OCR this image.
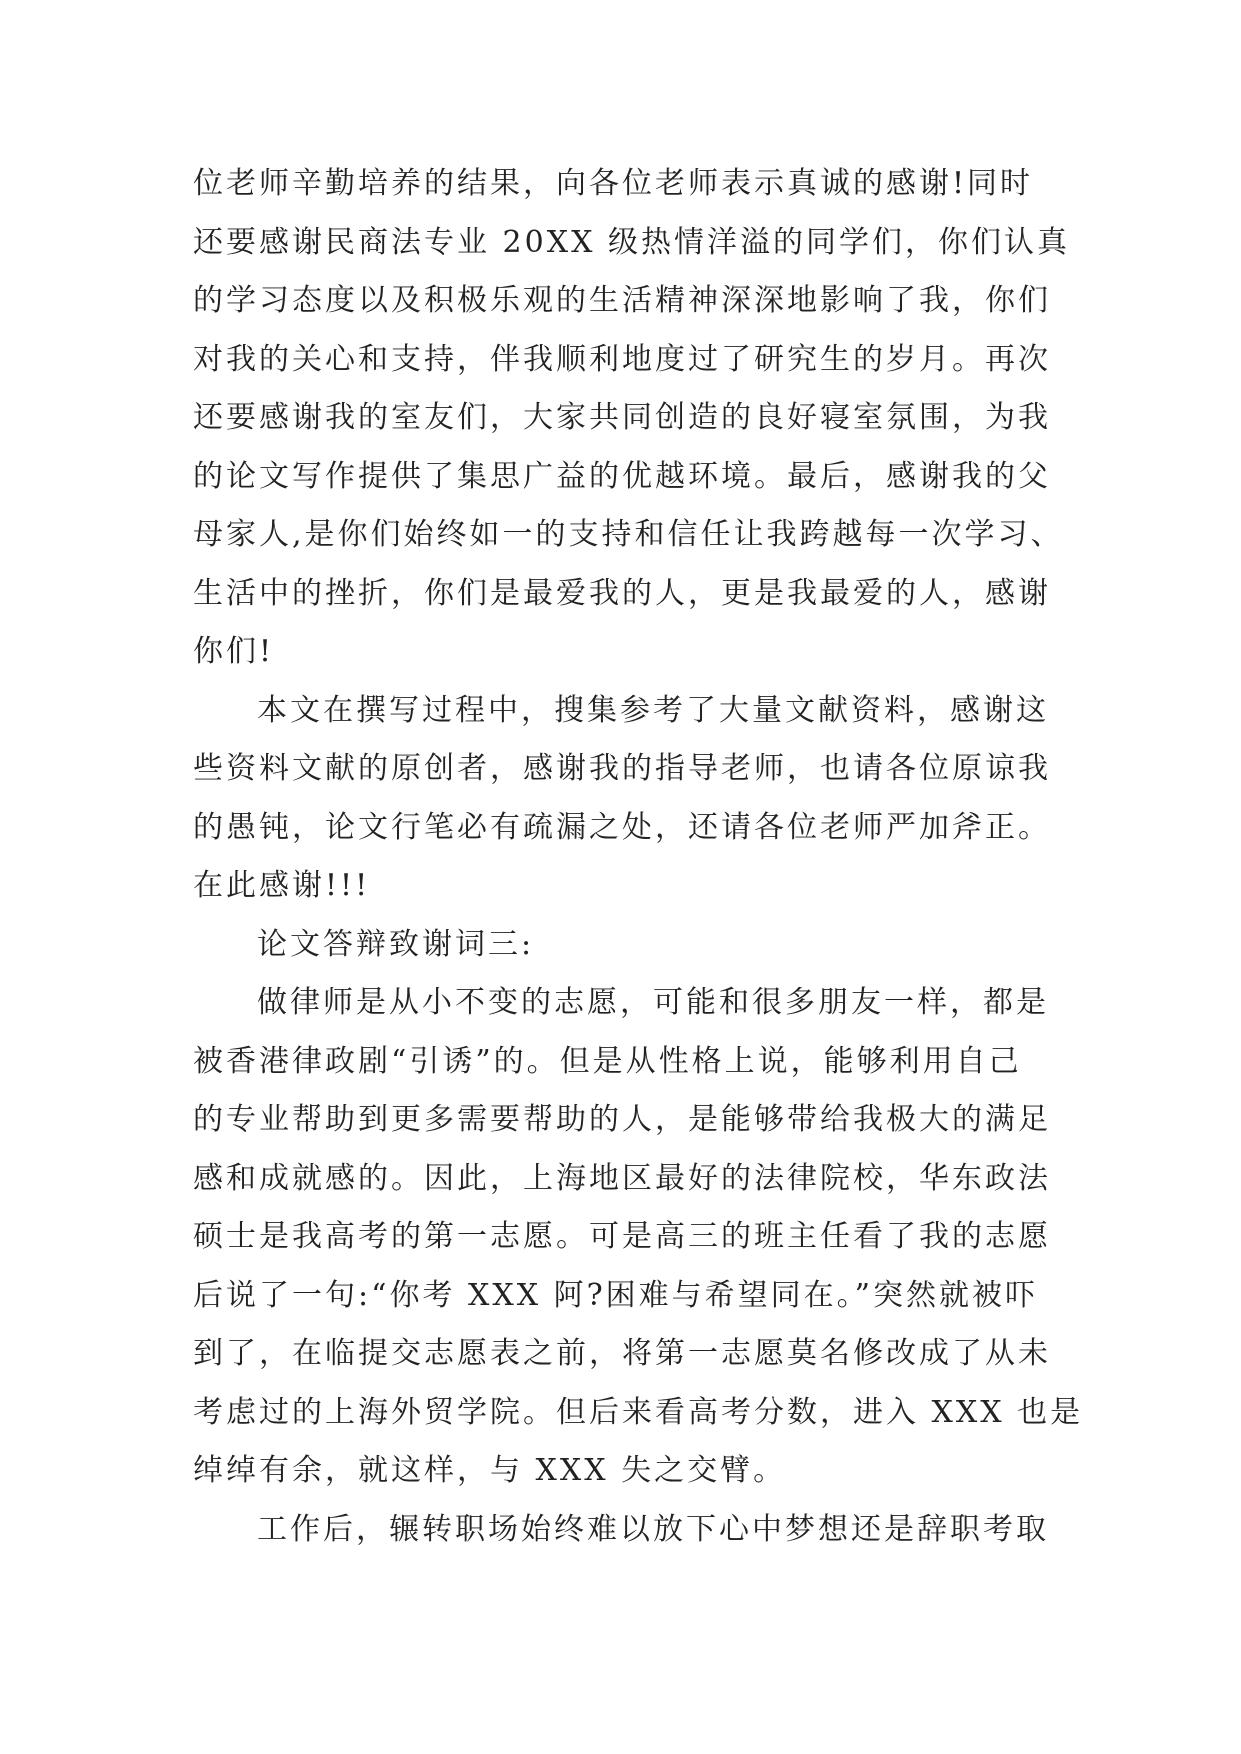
位老师辛勤培养的结果，向各位老师表示真诚的感谢!同时
还要感谢民商法专业 20XX 级热情洋溢的同学们，你们认真
的学习态度以及积极乐观的生活精神深深地影响了我，你们
对我的关心和支持，伴我顺利地度过了研究生的岁月。再次
还要感谢我的室友们，大家共同创造的良好寝室氛围，为我
的论文写作提供了集思广益的优越环境。最后，感谢我的父
母家人,是你们始终如一的支持和信任让我跨越每一次学习、
生活中的挫折，你们是最爱我的人，更是我最爱的人，感谢
你们!
本文在撰写过程中，搜集参考了大量文献资料，感谢这
些资料文献的原创者，感谢我的指导老师，也请各位原谅我
的愚钝，论文行笔必有疏漏之处，还请各位老师严加斧正。
在此感谢!!!
论文答辩致谢词三:
做律师是从小不变的志愿，可能和很多朋友一样，都是
被香港律政剧“引诱”的。但是从性格上说，能够利用自己
的专业帮助到更多需要帮助的人，是能够带给我极大的满足
感和成就感的。因此，上海地区最好的法律院校，华东政法
硕士是我高考的第一志愿。可是高三的班主任看了我的志愿
后说了一句:“你考 XXX 阿?困难与希望同在。”突然就被吓
到了，在临提交志愿表之前，将第一志愿莫名修改成了从未
考虑过的上海外贸学院。但后来看高考分数，进入 XXX 也是
绰绰有余，就这样，与 XXX 失之交臂。
工作后，辗转职场始终难以放下心中梦想还是辞职考取
